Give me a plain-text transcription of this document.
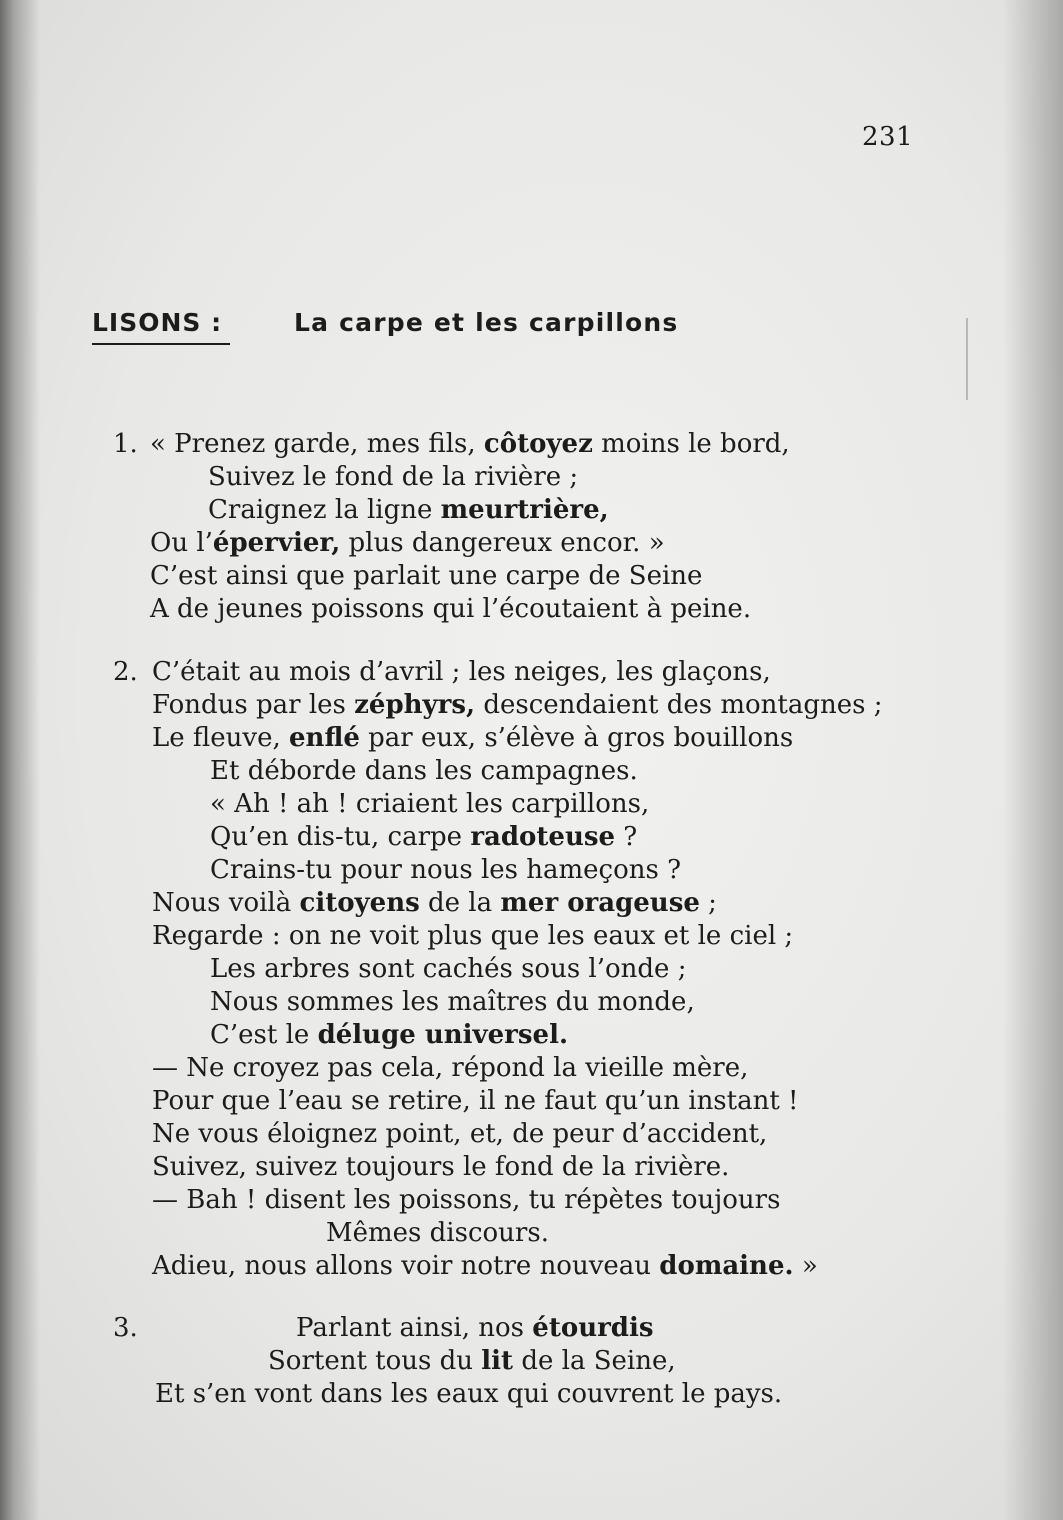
231
LISONS :	La carpe et les carpillons
1. « Prenez garde, mes fils, côtoyez moins le bord,
Suivez le fond de la rivière ;
Craignez la ligne meurtrière,
Ou l’épervier, plus dangereux encor. »
C’est ainsi que parlait une carpe de Seine
A de jeunes poissons qui l’écoutaient à peine.
2. C’était au mois d’avril ; les neiges, les glaçons,
Fondus par les zéphyrs, descendaient des montagnes ;
Le fleuve, enflé par eux, s’élève à gros bouillons
Et déborde dans les campagnes.
« Ah ! ah ! criaient les carpillons,
Qu’en dis-tu, carpe radoteuse ?
Crains-tu pour nous les hameçons ?
Nous voilà citoyens de la mer orageuse ;
Regarde : on ne voit plus que les eaux et le ciel ;
Les arbres sont cachés sous l’onde ;
Nous sommes les maîtres du monde,
C’est le déluge universel.
— Ne croyez pas cela, répond la vieille mère,
Pour que l’eau se retire, il ne faut qu’un instant !
Ne vous éloignez point, et, de peur d’accident,
Suivez, suivez toujours le fond de la rivière.
— Bah ! disent les poissons, tu répètes toujours
Mêmes discours.
Adieu, nous allons voir notre nouveau domaine. »
3.	Parlant ainsi, nos étourdis
Sortent tous du lit de la Seine,
Et s’en vont dans les eaux qui couvrent le pays.
